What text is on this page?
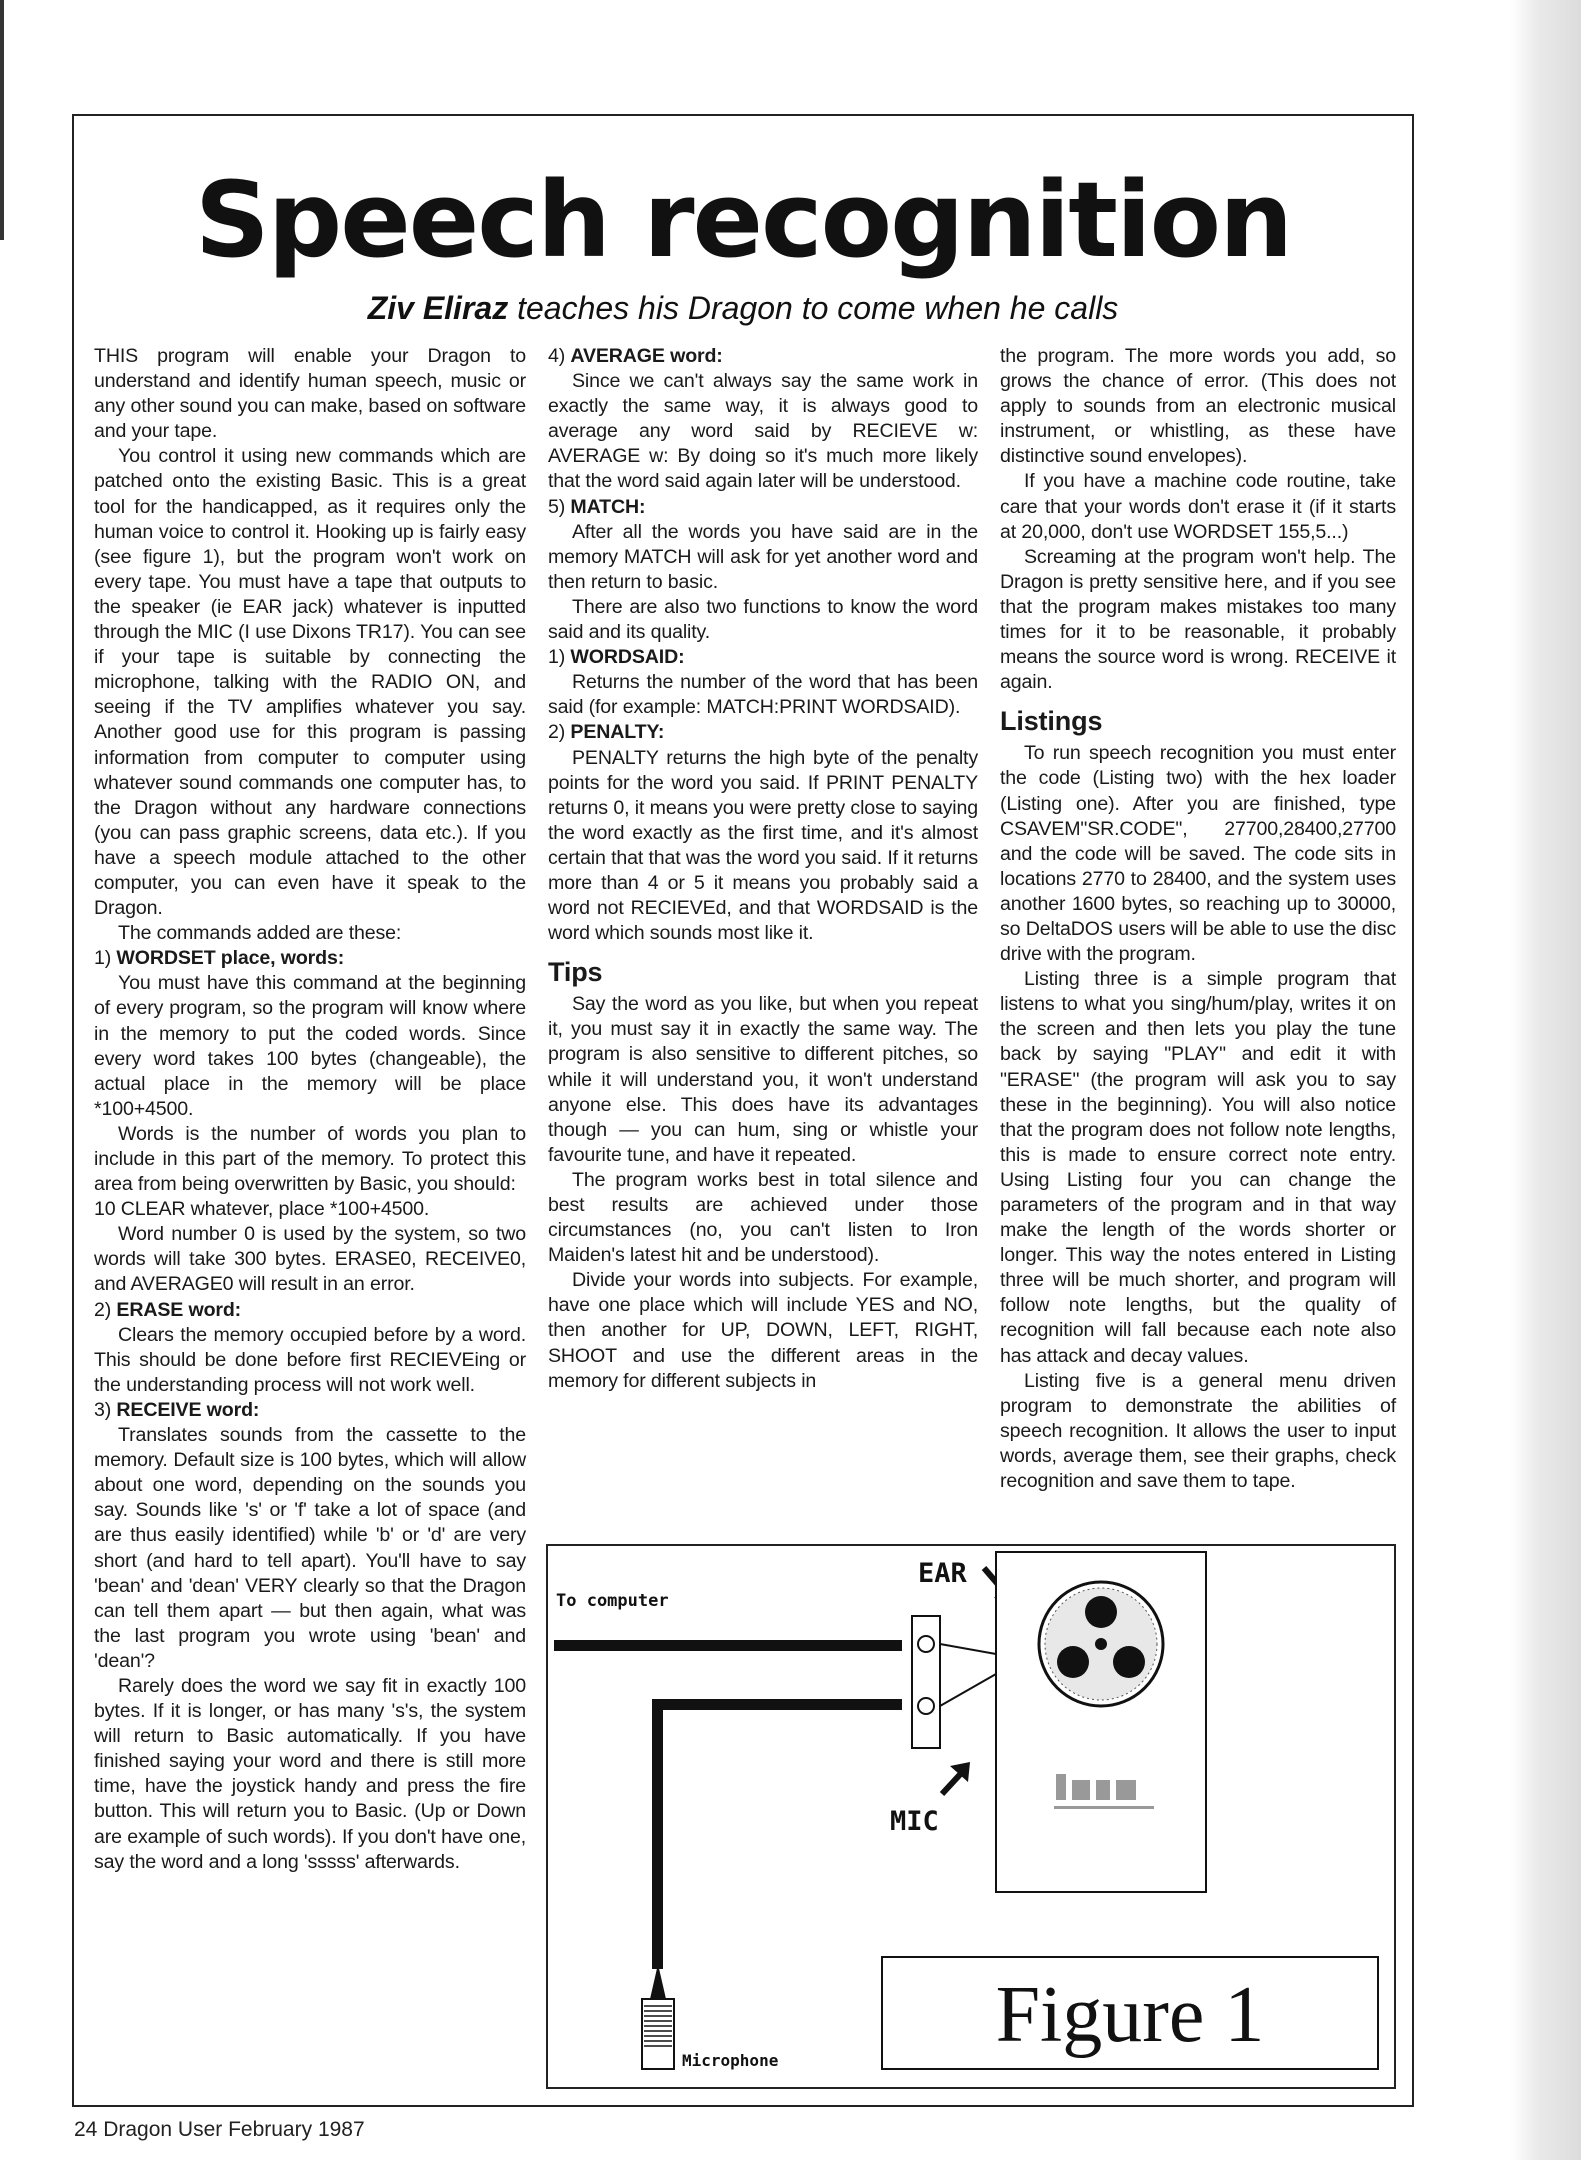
Speech recognition
Ziv Eliraz teaches his Dragon to come when he calls

THIS program will enable your Dragon to understand and identify human speech, music or any other sound you can make, based on software and your tape.

You control it using new commands which are patched onto the existing Basic. This is a great tool for the handicapped, as it requires only the human voice to control it. Hooking up is fairly easy (see figure 1), but the program won't work on every tape. You must have a tape that outputs to the speaker (ie EAR jack) whatever is inputted through the MIC (I use Dixons TR17). You can see if your tape is suitable by connecting the microphone, talking with the RADIO ON, and seeing if the TV amplifies whatever you say. Another good use for this program is passing information from computer to computer using whatever sound commands one computer has, to the Dragon without any hardware connections (you can pass graphic screens, data etc.). If you have a speech module attached to the other computer, you can even have it speak to the Dragon.

The commands added are these:

1) WORDSET place, words:

You must have this command at the beginning of every program, so the program will know where in the memory to put the coded words. Since every word takes 100 bytes (changeable), the actual place in the memory will be place *100+4500.

Words is the number of words you plan to include in this part of the memory. To protect this area from being overwritten by Basic, you should:

10 CLEAR whatever, place *100+4500.

Word number 0 is used by the system, so two words will take 300 bytes. ERASE0, RECEIVE0, and AVERAGE0 will result in an error.

2) ERASE word:

Clears the memory occupied before by a word. This should be done before first RECIEVEing or the understanding process will not work well.

3) RECEIVE word:

Translates sounds from the cassette to the memory. Default size is 100 bytes, which will allow about one word, depending on the sounds you say. Sounds like 's' or 'f' take a lot of space (and are thus easily identified) while 'b' or 'd' are very short (and hard to tell apart). You'll have to say 'bean' and 'dean' VERY clearly so that the Dragon can tell them apart — but then again, what was the last program you wrote using 'bean' and 'dean'?

Rarely does the word we say fit in exactly 100 bytes. If it is longer, or has many 's's, the system will return to Basic automatically. If you have finished saying your word and there is still more time, have the joystick handy and press the fire button. This will return you to Basic. (Up or Down are example of such words). If you don't have one, say the word and a long 'sssss' afterwards.

4) AVERAGE word:

Since we can't always say the same work in exactly the same way, it is always good to average any word said by RECIEVE w: AVERAGE w: By doing so it's much more likely that the word said again later will be understood.

5) MATCH:

After all the words you have said are in the memory MATCH will ask for yet another word and then return to basic.

There are also two functions to know the word said and its quality.

1) WORDSAID:

Returns the number of the word that has been said (for example: MATCH:PRINT WORDSAID).

2) PENALTY:

PENALTY returns the high byte of the penalty points for the word you said. If PRINT PENALTY returns 0, it means you were pretty close to saying the word exactly as the first time, and it's almost certain that that was the word you said. If it returns more than 4 or 5 it means you probably said a word not RECIEVEd, and that WORDSAID is the word which sounds most like it.

Tips

Say the word as you like, but when you repeat it, you must say it in exactly the same way. The program is also sensitive to different pitches, so while it will understand you, it won't understand anyone else. This does have its advantages though — you can hum, sing or whistle your favourite tune, and have it repeated.

The program works best in total silence and best results are achieved under those circumstances (no, you can't listen to Iron Maiden's latest hit and be understood).

Divide your words into subjects. For example, have one place which will include YES and NO, then another for UP, DOWN, LEFT, RIGHT, SHOOT and use the different areas in the memory for different subjects in

the program. The more words you add, so grows the chance of error. (This does not apply to sounds from an electronic musical instrument, or whistling, as these have distinctive sound envelopes).

If you have a machine code routine, take care that your words don't erase it (if it starts at 20,000, don't use WORDSET 155,5...)

Screaming at the program won't help. The Dragon is pretty sensitive here, and if you see that the program makes mistakes too many times for it to be reasonable, it probably means the source word is wrong. RECEIVE it again.

Listings

To run speech recognition you must enter the code (Listing two) with the hex loader (Listing one). After you are finished, type CSAVEM"SR.CODE", 27700,28400,27700 and the code will be saved. The code sits in locations 2770 to 28400, and the system uses another 1600 bytes, so reaching up to 30000, so DeltaDOS users will be able to use the disc drive with the program.

Listing three is a simple program that listens to what you sing/hum/play, writes it on the screen and then lets you play the tune back by saying "PLAY" and edit it with "ERASE" (the program will ask you to say these in the beginning). You will also notice that the program does not follow note lengths, this is made to ensure correct note entry. Using Listing four you can change the parameters of the program and in that way make the length of the words shorter or longer. This way the notes entered in Listing three will be much shorter, and program will follow note lengths, but the quality of recognition will fall because each note also has attack and decay values.

Listing five is a general menu driven program to demonstrate the abilities of speech recognition. It allows the user to input words, average them, see their graphs, check recognition and save them to tape.

To computer
Microphone
EAR
MIC
Figure 1
24 Dragon User February 1987
